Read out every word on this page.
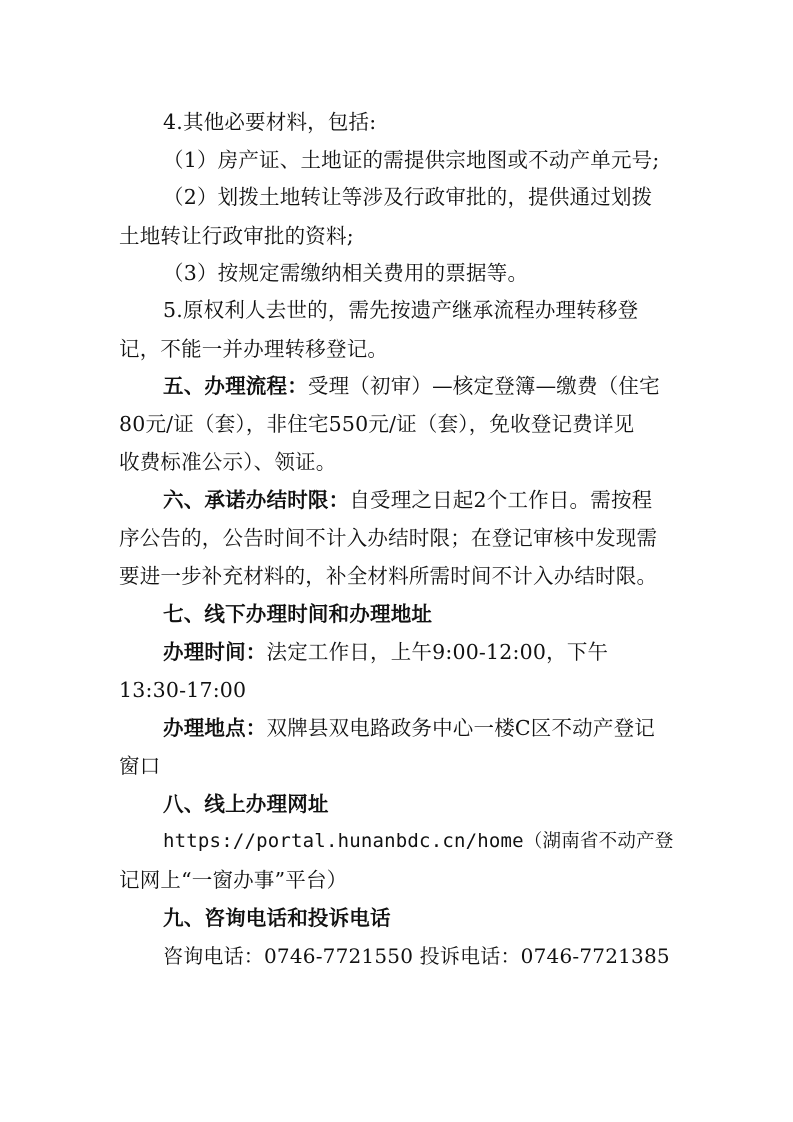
4.其他必要材料，包括:
（1）房产证、土地证的需提供宗地图或不动产单元号;
（2）划拨土地转让等涉及行政审批的，提供通过划拨
土地转让行政审批的资料;
（3）按规定需缴纳相关费用的票据等。
5.原权利人去世的，需先按遗产继承流程办理转移登
记，不能一并办理转移登记。
五、办理流程：受理（初审）—核定登簿—缴费（住宅
80元/证（套），非住宅550元/证（套），免收登记费详见
收费标准公示）、领证。
六、承诺办结时限：自受理之日起2个工作日。需按程
序公告的，公告时间不计入办结时限；在登记审核中发现需
要进一步补充材料的，补全材料所需时间不计入办结时限。
七、线下办理时间和办理地址
办理时间：法定工作日，上午9:00-12:00，下午
13:30-17:00
办理地点：双牌县双电路政务中心一楼C区不动产登记
窗口
八、线上办理网址
https://portal.hunanbdc.cn/home（湖南省不动产登
记网上“一窗办事”平台）
九、咨询电话和投诉电话
咨询电话：0746-7721550 投诉电话：0746-7721385
